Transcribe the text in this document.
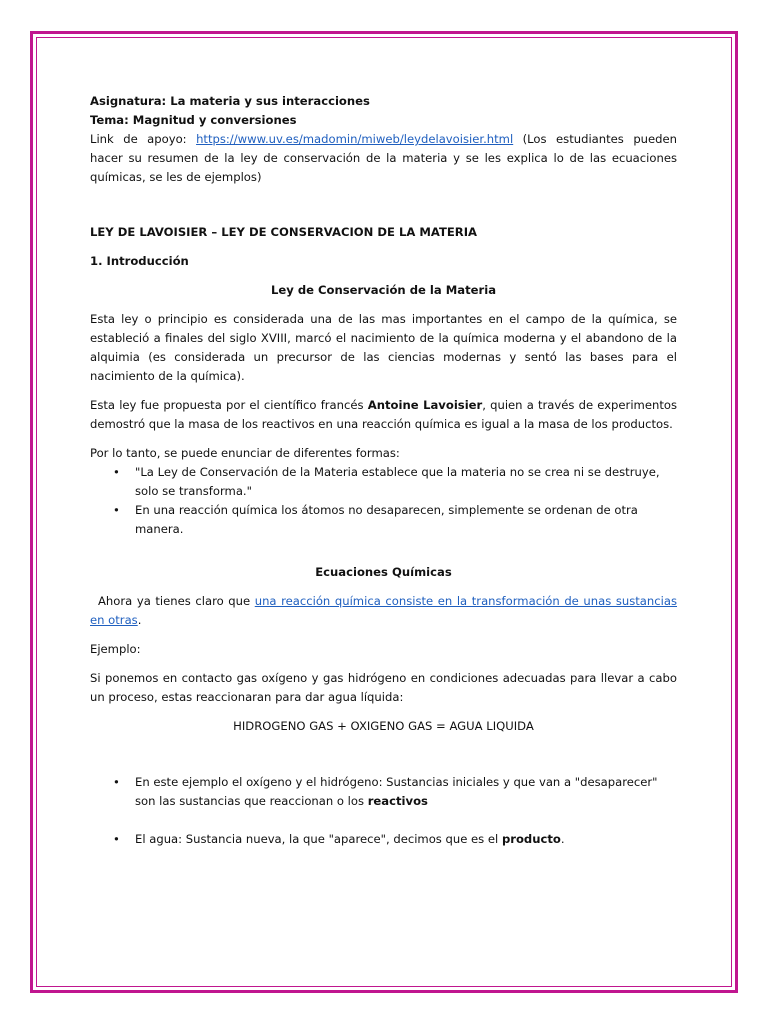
Asignatura: La materia y sus interacciones

Tema: Magnitud y conversiones

Link de apoyo: https://www.uv.es/madomin/miweb/leydelavoisier.html (Los estudiantes pueden hacer su resumen de la ley de conservación de la materia y se les explica lo de las ecuaciones químicas, se les de ejemplos)

LEY DE LAVOISIER – LEY DE CONSERVACION DE LA MATERIA

1. Introducción

Ley de Conservación de la Materia

Esta ley o principio es considerada una de las mas importantes en el campo de la química, se estableció a finales del siglo XVIII, marcó el nacimiento de la química moderna y el abandono de la alquimia (es considerada un precursor de las ciencias modernas y sentó las bases para el nacimiento de la química).

Esta ley fue propuesta por el científico francés Antoine Lavoisier, quien a través de experimentos demostró que la masa de los reactivos en una reacción química es igual a la masa de los productos.

Por lo tanto, se puede enunciar de diferentes formas:

• "La Ley de Conservación de la Materia establece que la materia no se crea ni se destruye, solo se transforma."
• En una reacción química los átomos no desaparecen, simplemente se ordenan de otra manera.

Ecuaciones Químicas

Ahora ya tienes claro que una reacción química consiste en la transformación de unas sustancias en otras.

Ejemplo:

Si ponemos en contacto gas oxígeno y gas hidrógeno en condiciones adecuadas para llevar a cabo un proceso, estas reaccionaran para dar agua líquida:

HIDROGENO GAS + OXIGENO GAS = AGUA LIQUIDA

• En este ejemplo el oxígeno y el hidrógeno: Sustancias iniciales y que van a "desaparecer"
son las sustancias que reaccionan o los reactivos
• El agua: Sustancia nueva, la que "aparece", decimos que es el producto.
